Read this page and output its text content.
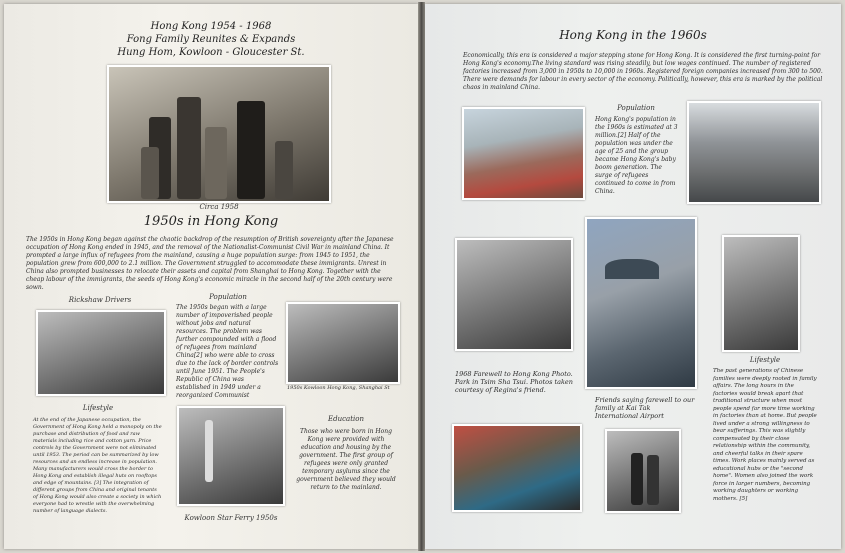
Hong Kong 1954 - 1968
Fong Family Reunites & Expands
Hung Hom, Kowloon - Gloucester St.
Circa 1958
1950s in Hong Kong
The 1950s in Hong Kong began against the chaotic backdrop of the resumption of British sovereignty after the Japanese occupation of Hong Kong ended in 1945, and the removal of the Nationalist-Communist Civil War in mainland China. It prompted a large influx of refugees from the mainland, causing a huge population surge: from 1945 to 1951, the population grew from 600,000 to 2.1 million. The Government struggled to accommodate these immigrants. Unrest in China also prompted businesses to relocate their assets and capital from Shanghai to Hong Kong. Together with the cheap labour of the immigrants, the seeds of Hong Kong's economic miracle in the second half of the 20th century were sown.
Rickshaw Drivers	Population
The 1950s began with a large number of impoverished people without jobs and natural resources. The problem was further compounded with a flood of refugees from mainland China[2] who were able to cross due to the lack of border controls until June 1951. The People's Republic of China was established in 1949 under a reorganized Communist
1950s Kowloon Hong Kong, Shanghai St
Lifestyle
At the end of the Japanese occupation, the Government of Hong Kong held a monopoly on the purchase and distribution of food and raw materials including rice and cotton yarn. Price controls by the Government were not eliminated until 1953. The period can be summarized by low resources and an endless increase in population. Many manufacturers would cross the border to Hong Kong and establish illegal huts on rooftops and edge of mountains. [3] The integration of different groups from China and original tenants of Hong Kong would also create a society in which everyone had to wrestle with the overwhelming number of language dialects.
Kowloon Star Ferry 1950s
Education
Those who were born in Hong Kong were provided with education and housing by the government. The first group of refugees were only granted temporary asylums since the government believed they would return to the mainland.
Hong Kong in the 1960s
Economically, this era is considered a major stepping stone for Hong Kong. It is considered the first turning-point for Hong Kong's economy.The living standard was rising steadily, but low wages continued. The number of registered factories increased from 3,000 in 1950s to 10,000 in 1960s. Registered foreign companies increased from 300 to 500. There were demands for labour in every sector of the economy. Politically, however, this era is marked by the political chaos in mainland China.
Population
Hong Kong's population in the 1960s is estimated at 3 million.[2] Half of the population was under the age of 25 and the group became Hong Kong's baby boom generation. The surge of refugees continued to come in from China.
1968 Farewell to Hong Kong Photo. Park in Tsim Sha Tsui. Photos taken courtesy of Regina's friend.
Lifestyle
The past generations of Chinese families were deeply rooted in family affairs. The long hours in the factories would break apart that traditional structure when most people spend far more time working in factories than at home. But people lived under a strong willingness to bear sufferings. This was slightly compensated by their close relationship within the community, and cheerful talks in their spare times. Work places mainly served as educational hubs or the "second home". Women also joined the work force in larger numbers, becoming working daughters or working mothers. [5]
Friends saying farewell to our family at Kai Tak International Airport
